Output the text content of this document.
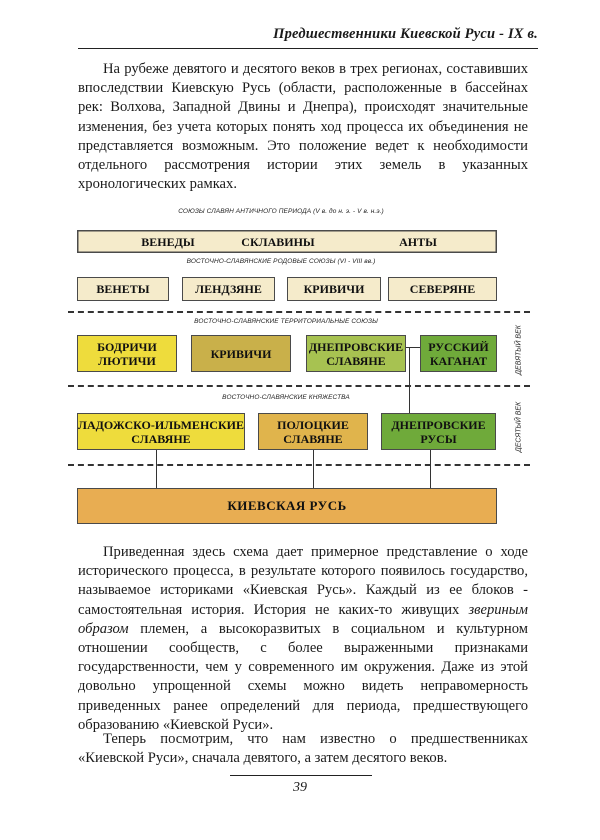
Предшественники Киевской Руси - IX в.

На рубеже девятого и десятого веков в трех регионах, составивших впоследствии Киевскую Русь (области, расположенные в бассейнах рек: Волхова, Западной Двины и Днепра), происходят значительные изменения, без учета которых понять ход процесса их объединения не представляется возможным. Это положение ведет к необходимости отдельного рассмотрения истории этих земель в указанных хронологических рамках.

СОЮЗЫ СЛАВЯН АНТИЧНОГО ПЕРИОДА (V в. до н. э. - V в. н.э.)
ВЕНЕДЫ	СКЛАВИНЫ	АНТЫ
ВОСТОЧНО-СЛАВЯНСКИЕ РОДОВЫЕ СОЮЗЫ (VI - VIII вв.)
ВЕНЕТЫ	ЛЕНДЗЯНЕ	КРИВИЧИ	СЕВЕРЯНЕ
ВОСТОЧНО-СЛАВЯНСКИЕ ТЕРРИТОРИАЛЬНЫЕ СОЮЗЫ
БОДРИЧИ ЛЮТИЧИ	КРИВИЧИ	ДНЕПРОВСКИЕ СЛАВЯНЕ
РУССКИЙ КАГАНАТ
ВОСТОЧНО-СЛАВЯНСКИЕ КНЯЖЕСТВА
ЛАДОЖСКО-ИЛЬМЕНСКИЕ СЛАВЯНЕ
ПОЛОЦКИЕ СЛАВЯНЕ
ДНЕПРОВСКИЕ РУСЫ
КИЕВСКАЯ РУСЬ
ДЕВЯТЫЙ ВЕК
ДЕСЯТЫЙ ВЕК

Приведенная здесь схема дает примерное представление о ходе исторического процесса, в результате которого появилось государство, называемое историками «Киевская Русь». Каждый из ее блоков - самостоятельная история. История не каких-то живущих звериным образом племен, а высокоразвитых в социальном и культурном отношении сообществ, с более выраженными признаками государственности, чем у современного им окружения. Даже из этой довольно упрощенной схемы можно видеть неправомерность приведенных ранее определений для периода, предшествующего образованию «Киевской Руси».

Теперь посмотрим, что нам известно о предшественниках «Киевской Руси», сначала девятого, а затем десятого веков.

39
